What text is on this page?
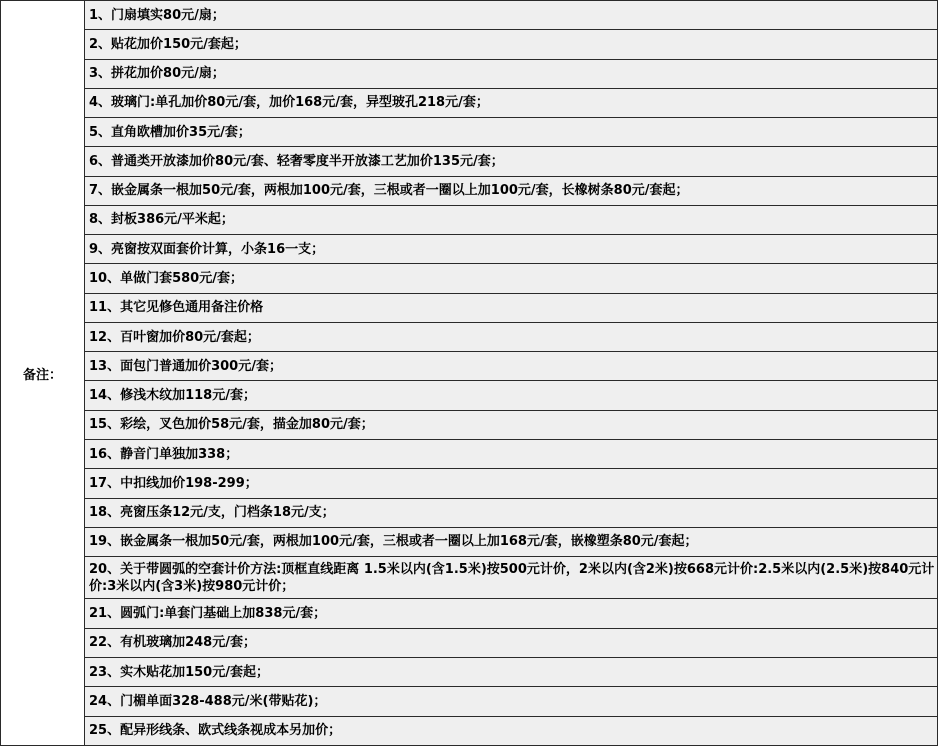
备注：	1、门扇填实80元/扇；
2、贴花加价150元/套起；
3、拼花加价80元/扇；
4、玻璃门:单孔加价80元/套，加价168元/套，异型玻孔218元/套；
5、直角欧槽加价35元/套；
6、普通类开放漆加价80元/套、轻奢零度半开放漆工艺加价135元/套；
7、嵌金属条一根加50元/套，两根加100元/套，三根或者一圈以上加100元/套，长橡树条80元/套起；
8、封板386元/平米起；
9、亮窗按双面套价计算，小条16一支；
10、单做门套580元/套；
11、其它见修色通用备注价格
12、百叶窗加价80元/套起；
13、面包门普通加价300元/套；
14、修浅木纹加118元/套；
15、彩绘，叉色加价58元/套，描金加80元/套；
16、静音门单独加338；
17、中扣线加价198-299；
18、亮窗压条12元/支，门档条18元/支；
19、嵌金属条一根加50元/套，两根加100元/套，三根或者一圈以上加168元/套，嵌橡塑条80元/套起；
20、关于带圆弧的空套计价方法:顶框直线距离 1.5米以内(含1.5米)按500元计价，2米以内(含2米)按668元计价:2.5米以内(2.5米)按840元计价:3米以内(含3米)按980元计价；
21、圆弧门:单套门基础上加838元/套；
22、有机玻璃加248元/套；
23、实木贴花加150元/套起；
24、门楣单面328-488元/米(带贴花)；
25、配异形线条、欧式线条视成本另加价；
